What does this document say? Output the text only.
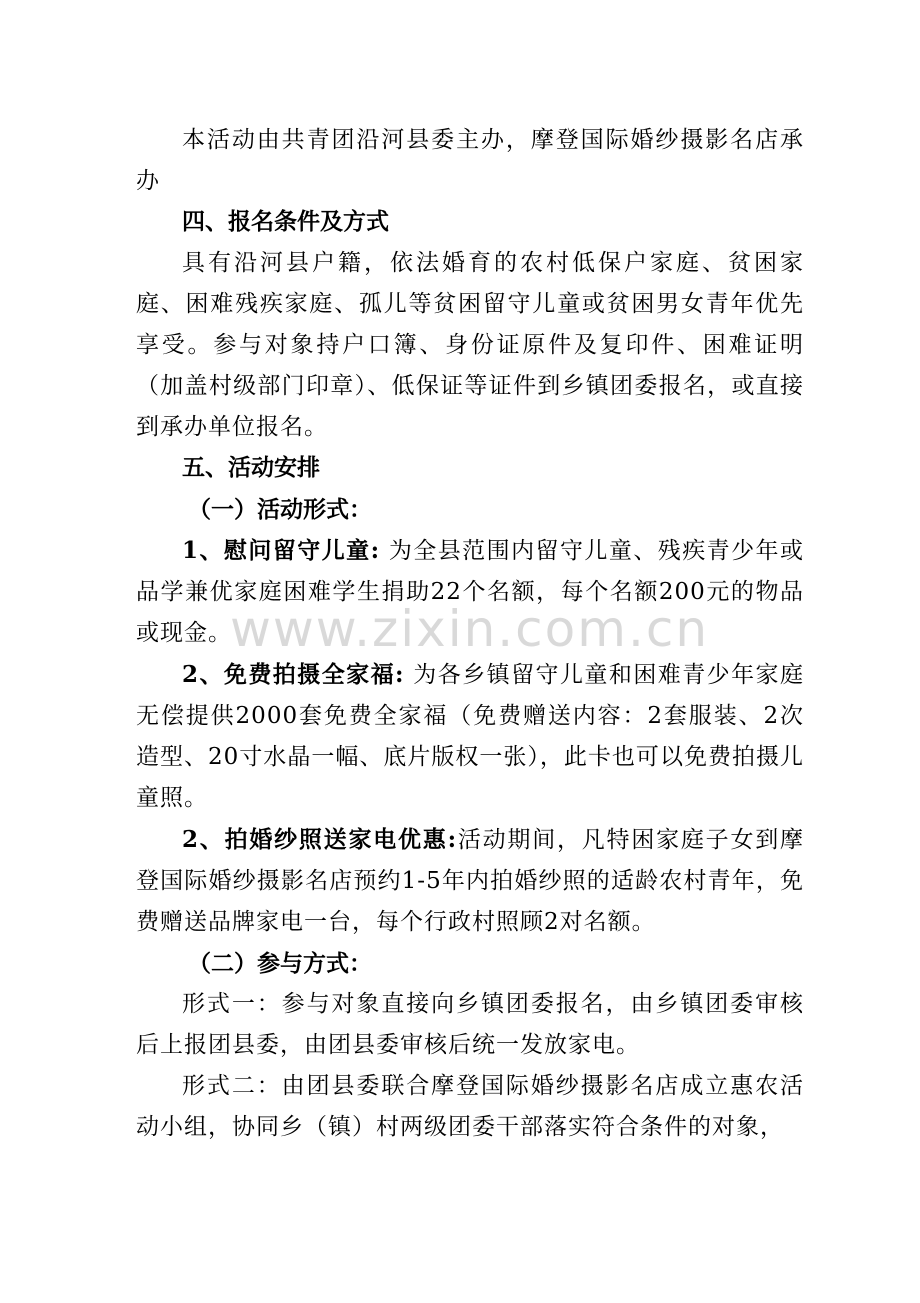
本活动由共青团沿河县委主办，摩登国际婚纱摄影名店承办

四、报名条件及方式

具有沿河县户籍，依法婚育的农村低保户家庭、贫困家庭、困难残疾家庭、孤儿等贫困留守儿童或贫困男女青年优先享受。参与对象持户口簿、身份证原件及复印件、困难证明（加盖村级部门印章）、低保证等证件到乡镇团委报名，或直接到承办单位报名。

五、活动安排

（一）活动形式：

1、慰问留守儿童: 为全县范围内留守儿童、残疾青少年或品学兼优家庭困难学生捐助22个名额，每个名额200元的物品或现金。

2、免费拍摄全家福: 为各乡镇留守儿童和困难青少年家庭无偿提供2000套免费全家福（免费赠送内容：2套服装、2次造型、20寸水晶一幅、底片版权一张），此卡也可以免费拍摄儿童照。

2、拍婚纱照送家电优惠:活动期间，凡特困家庭子女到摩登国际婚纱摄影名店预约1-5年内拍婚纱照的适龄农村青年，免费赠送品牌家电一台，每个行政村照顾2对名额。

（二）参与方式：

形式一：参与对象直接向乡镇团委报名，由乡镇团委审核后上报团县委，由团县委审核后统一发放家电。

形式二：由团县委联合摩登国际婚纱摄影名店成立惠农活动小组，协同乡（镇）村两级团委干部落实符合条件的对象，

www.zixin.com.cn
